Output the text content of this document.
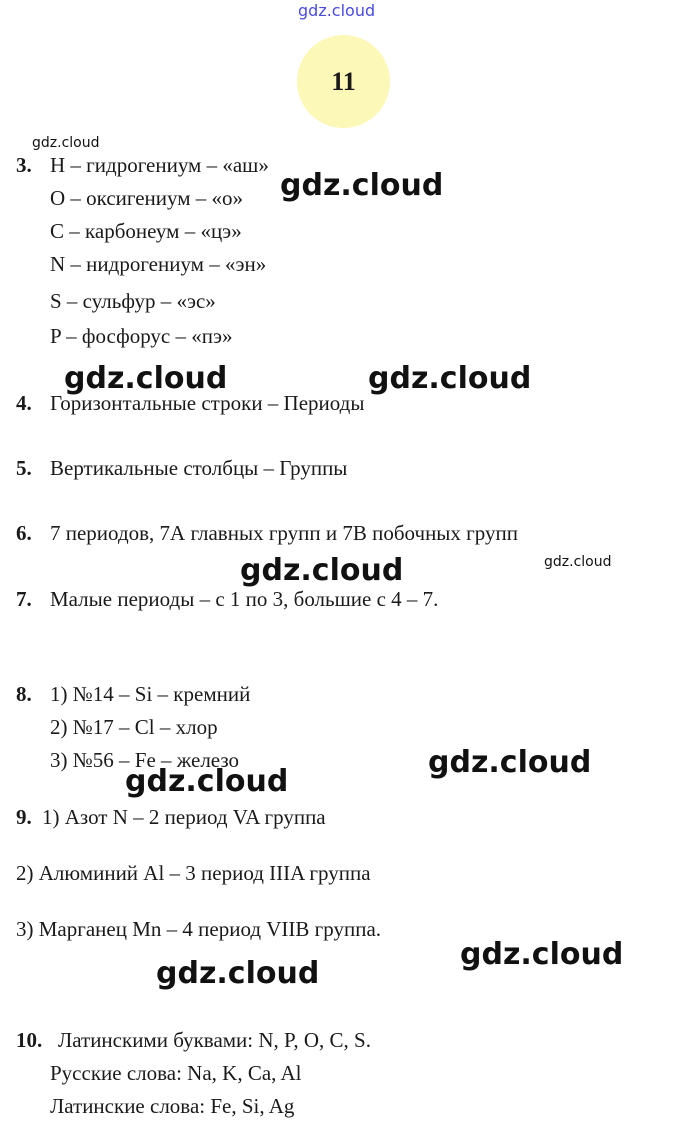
gdz.cloud
11
3. H – гидрогениум – «аш»
O – оксигениум – «о»
C – карбонеум – «цэ»
N – нидрогениум – «эн»
S – сульфур – «эс»
P – фосфорус – «пэ»
4. Горизонтальные строки – Периоды
5. Вертикальные столбцы – Группы
6. 7 периодов, 7А главных групп и 7В побочных групп
7. Малые периоды – с 1 по 3, большие с 4 – 7.
8. 1) №14 – Si – кремний
2) №17 – Cl – хлор
3) №56 – Fe – железо
9. 1) Азот N – 2 период VA группа
2) Алюминий Al – 3 период IIIA группа
3) Марганец Mn – 4 период VIIB группа.
10. Латинскими буквами: N, P, O, C, S.
Русские слова: Na, K, Ca, Al
Латинские слова: Fe, Si, Ag
gdz.cloud
gdz.cloud
gdz.cloud	gdz.cloud
gdz.cloud	gdz.cloud
gdz.cloud
gdz.cloud
gdz.cloud
gdz.cloud
